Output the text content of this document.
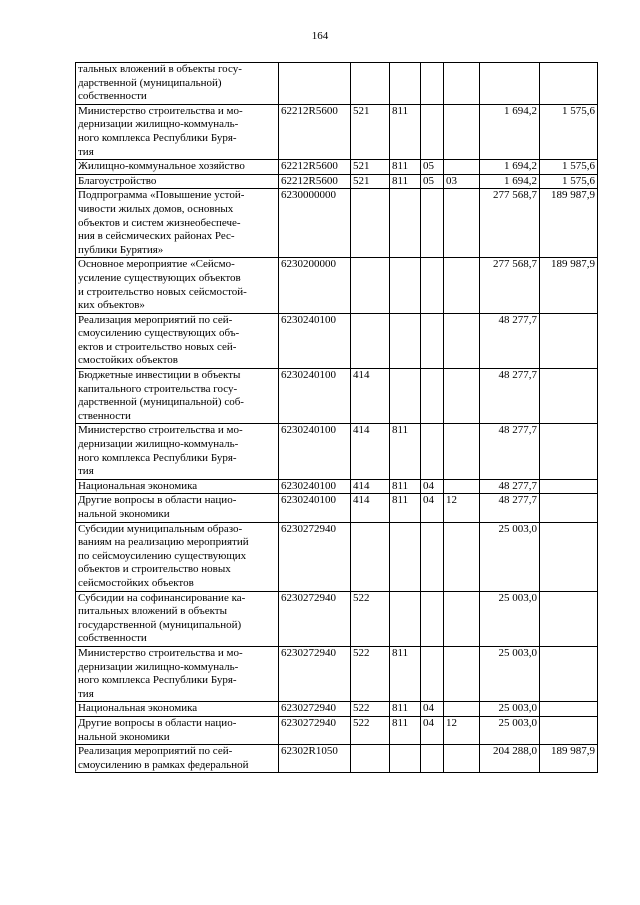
164
тальных вложений в объекты госу-
дарственной (муниципальной)
собственности							

Министерство строительства и мо-
дернизации жилищно-коммуналь-
ного комплекса Республики Буря-
тия	62212R5600	521	811			1 694,2	1 575,6

Жилищно-коммунальное хозяйство	62212R5600	521	811	05		1 694,2	1 575,6

Благоустройство	62212R5600	521	811	05	03	1 694,2	1 575,6

Подпрограмма «Повышение устой-
чивости жилых домов, основных
объектов и систем жизнеобеспече-
ния в сейсмических районах Рес-
публики Бурятия»	6230000000					277 568,7	189 987,9

Основное мероприятие «Сейсмо-
усиление существующих объектов
и строительство новых сейсмостой-
ких объектов»	6230200000					277 568,7	189 987,9

Реализация мероприятий по сей-
смоусилению существующих объ-
ектов и строительство новых сей-
смостойких объектов	6230240100					48 277,7	

Бюджетные инвестиции в объекты
капитального строительства госу-
дарственной (муниципальной) соб-
ственности	6230240100	414				48 277,7	

Министерство строительства и мо-
дернизации жилищно-коммуналь-
ного комплекса Республики Буря-
тия	6230240100	414	811			48 277,7	

Национальная экономика	6230240100	414	811	04		48 277,7	

Другие вопросы в области нацио-
нальной экономики	6230240100	414	811	04	12	48 277,7	

Субсидии муниципальным образо-
ваниям на реализацию мероприятий
по сейсмоусилению существующих
объектов и строительство новых
сейсмостойких объектов	6230272940					25 003,0	

Субсидии на софинансирование ка-
питальных вложений в объекты
государственной (муниципальной)
собственности	6230272940	522				25 003,0	

Министерство строительства и мо-
дернизации жилищно-коммуналь-
ного комплекса Республики Буря-
тия	6230272940	522	811			25 003,0	

Национальная экономика	6230272940	522	811	04		25 003,0	

Другие вопросы в области нацио-
нальной экономики	6230272940	522	811	04	12	25 003,0	

Реализация мероприятий по сей-
смоусилению в рамках федеральной	62302R1050					204 288,0	189 987,9
